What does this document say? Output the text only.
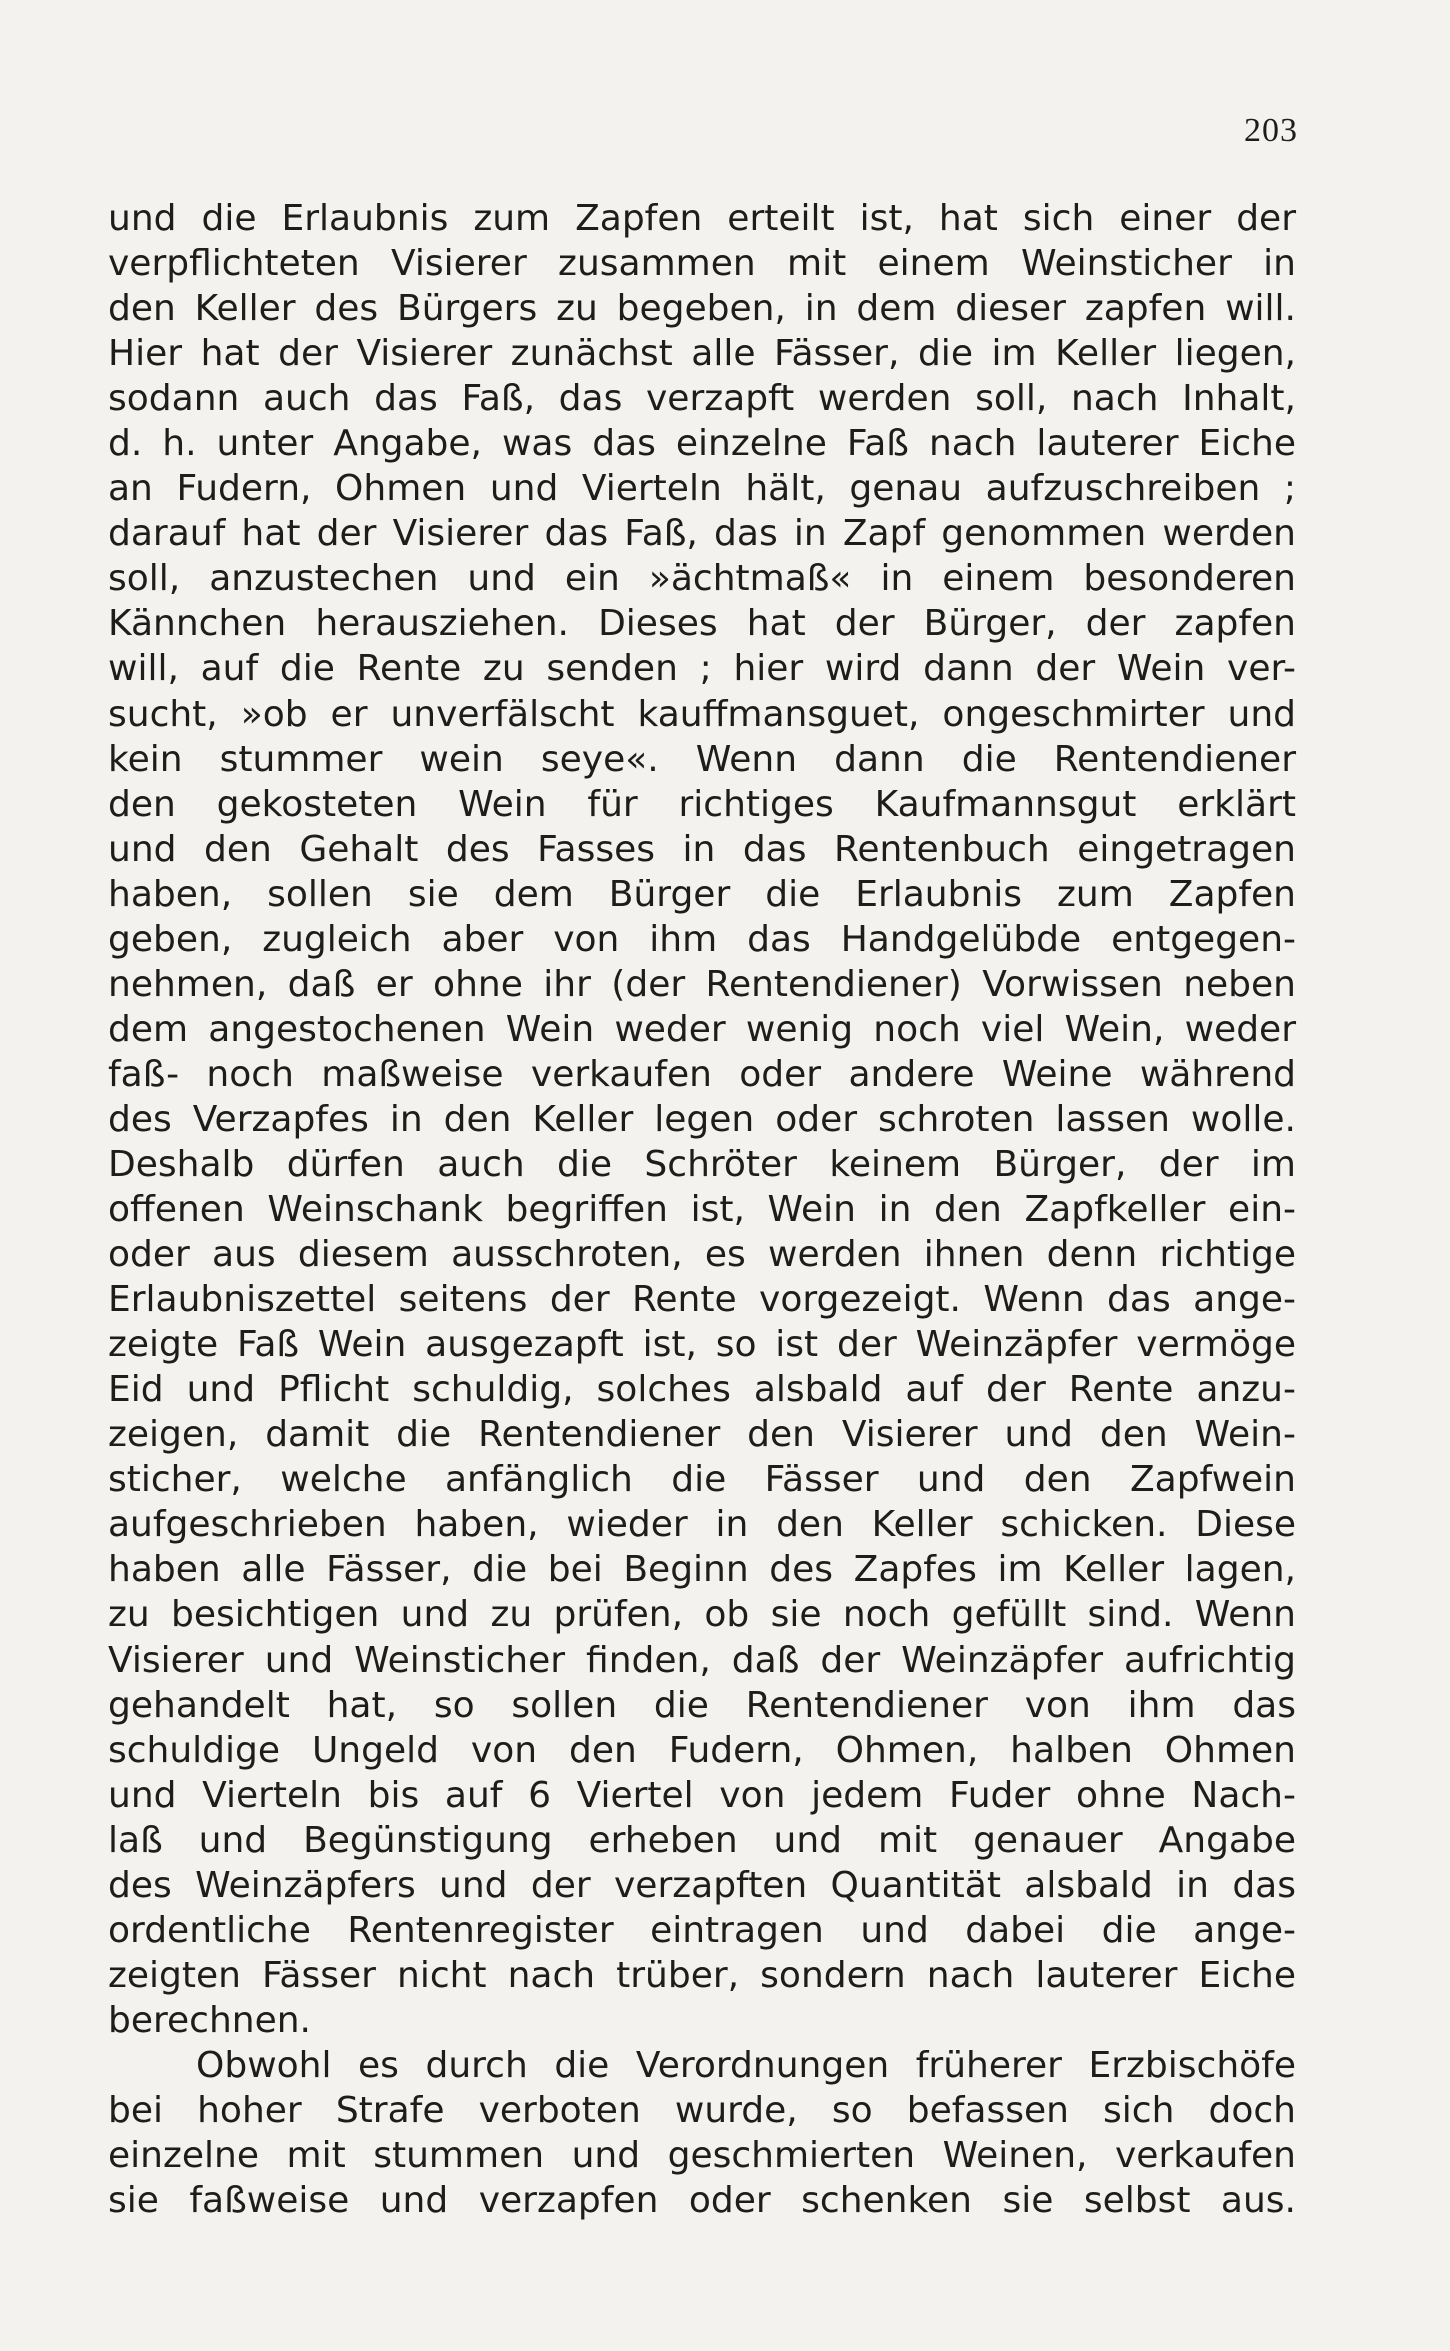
203
und die Erlaubnis zum Zapfen erteilt ist, hat sich einer der
verpflichteten Visierer zusammen mit einem Weinsticher in
den Keller des Bürgers zu begeben, in dem dieser zapfen will.
Hier hat der Visierer zunächst alle Fässer, die im Keller liegen,
sodann auch das Faß, das verzapft werden soll, nach Inhalt,
d. h. unter Angabe, was das einzelne Faß nach lauterer Eiche
an Fudern, Ohmen und Vierteln hält, genau aufzuschreiben ;
darauf hat der Visierer das Faß, das in Zapf genommen werden
soll, anzustechen und ein »ächtmaß« in einem besonderen
Kännchen herausziehen. Dieses hat der Bürger, der zapfen
will, auf die Rente zu senden ; hier wird dann der Wein ver-
sucht, »ob er unverfälscht kauffmansguet, ongeschmirter und
kein stummer wein seye«. Wenn dann die Rentendiener
den gekosteten Wein für richtiges Kaufmannsgut erklärt
und den Gehalt des Fasses in das Rentenbuch eingetragen
haben, sollen sie dem Bürger die Erlaubnis zum Zapfen
geben, zugleich aber von ihm das Handgelübde entgegen-
nehmen, daß er ohne ihr (der Rentendiener) Vorwissen neben
dem angestochenen Wein weder wenig noch viel Wein, weder
faß- noch maßweise verkaufen oder andere Weine während
des Verzapfes in den Keller legen oder schroten lassen wolle.
Deshalb dürfen auch die Schröter keinem Bürger, der im
offenen Weinschank begriffen ist, Wein in den Zapfkeller ein-
oder aus diesem ausschroten, es werden ihnen denn richtige
Erlaubniszettel seitens der Rente vorgezeigt. Wenn das ange-
zeigte Faß Wein ausgezapft ist, so ist der Weinzäpfer vermöge
Eid und Pflicht schuldig, solches alsbald auf der Rente anzu-
zeigen, damit die Rentendiener den Visierer und den Wein-
sticher, welche anfänglich die Fässer und den Zapfwein
aufgeschrieben haben, wieder in den Keller schicken. Diese
haben alle Fässer, die bei Beginn des Zapfes im Keller lagen,
zu besichtigen und zu prüfen, ob sie noch gefüllt sind. Wenn
Visierer und Weinsticher finden, daß der Weinzäpfer aufrichtig
gehandelt hat, so sollen die Rentendiener von ihm das
schuldige Ungeld von den Fudern, Ohmen, halben Ohmen
und Vierteln bis auf 6 Viertel von jedem Fuder ohne Nach-
laß und Begünstigung erheben und mit genauer Angabe
des Weinzäpfers und der verzapften Quantität alsbald in das
ordentliche Rentenregister eintragen und dabei die ange-
zeigten Fässer nicht nach trüber, sondern nach lauterer Eiche
berechnen.
Obwohl es durch die Verordnungen früherer Erzbischöfe
bei hoher Strafe verboten wurde, so befassen sich doch
einzelne mit stummen und geschmierten Weinen, verkaufen
sie faßweise und verzapfen oder schenken sie selbst aus.
